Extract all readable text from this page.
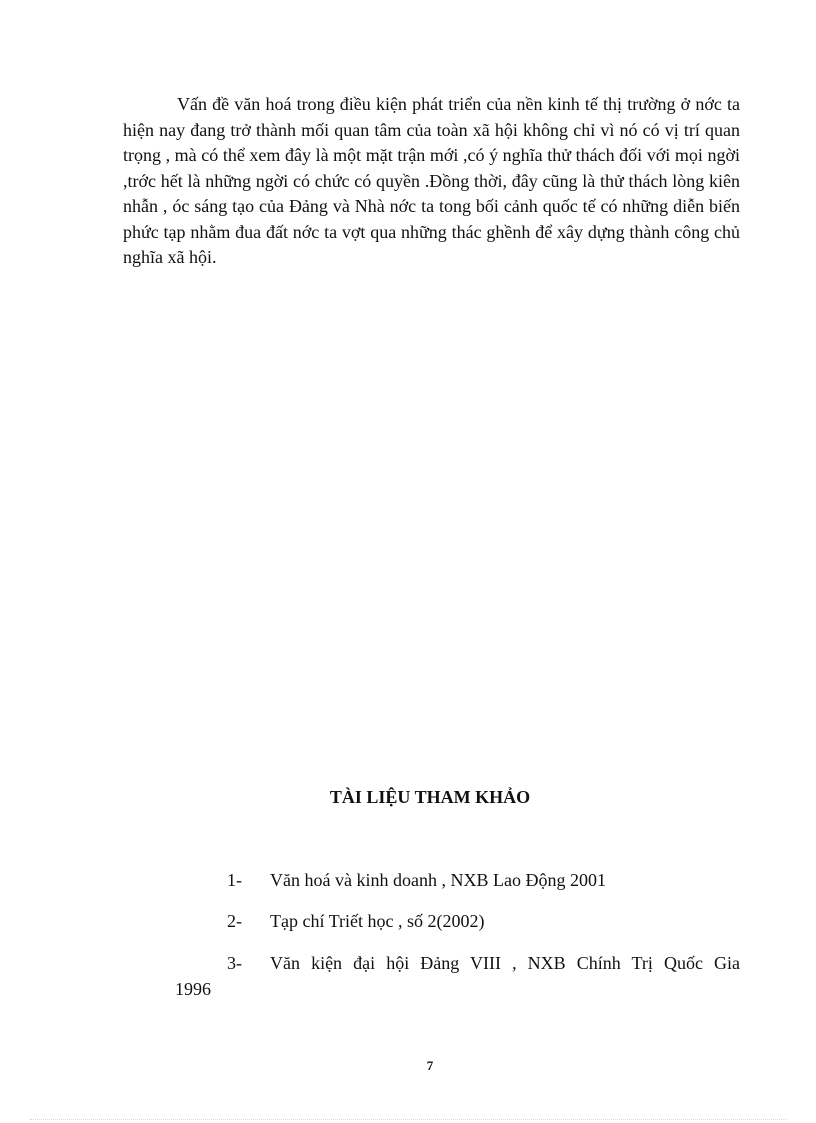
Vấn đề văn hoá trong điều kiện phát triển của nền kinh tế thị trường ở nớc ta hiện nay đang trở thành mối quan tâm của toàn xã hội không chỉ vì nó có vị trí quan trọng , mà có thể xem đây là một mặt trận mới ,có ý nghĩa thử thách đối với mọi ngời ,trớc hết là những ngời có chức có quyền .Đồng thời, đây cũng là thử thách lòng kiên nhẫn , óc sáng tạo của Đảng và Nhà nớc ta tong bối cảnh quốc tế có những diễn biến phức tạp nhằm đua đất nớc ta vợt qua những thác ghềnh để xây dựng thành công chủ nghĩa xã hội.

TÀI LIỆU THAM KHẢO
1- Văn hoá và kinh doanh , NXB Lao Động 2001
2- Tạp chí Triết học , số 2(2002)
3- Văn kiện đại hội Đảng VIII , NXB Chính Trị Quốc Gia

1996

7
